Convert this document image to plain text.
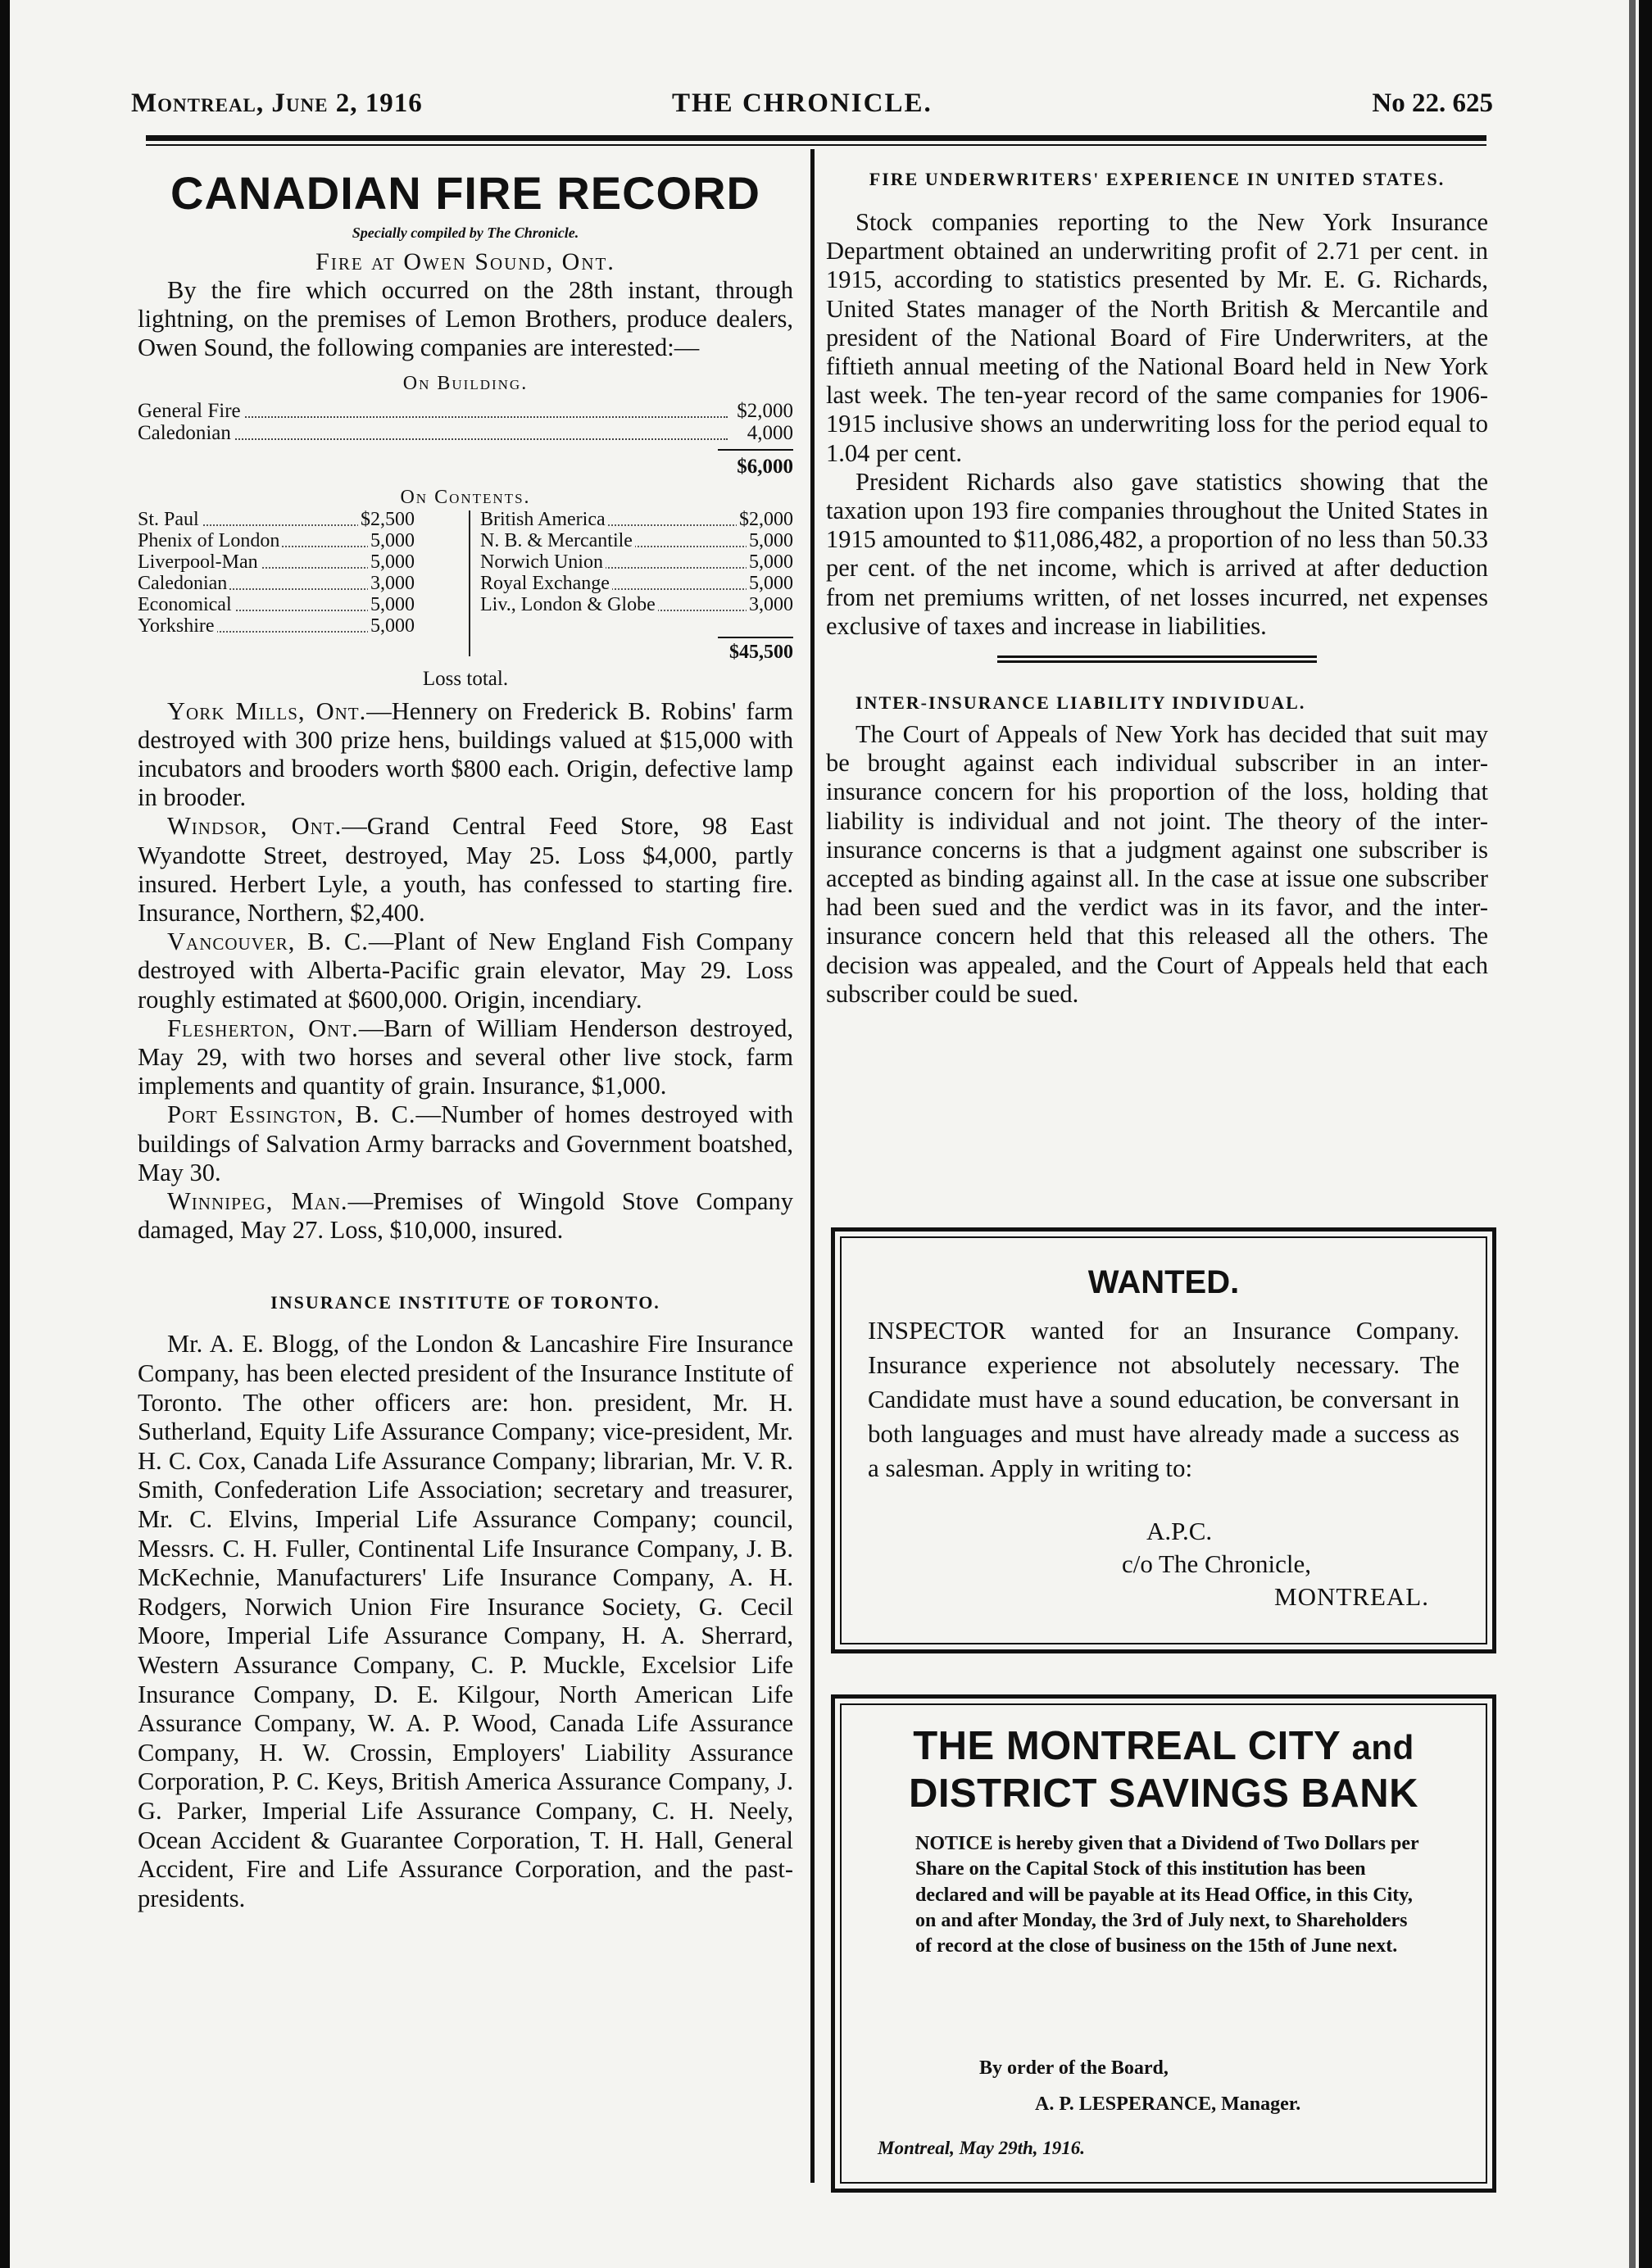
Montreal, June 2, 1916	THE CHRONICLE.	No 22. 625
CANADIAN FIRE RECORD
Specially compiled by The Chronicle.
Fire at Owen Sound, Ont.

By the fire which occurred on the 28th instant, through lightning, on the premises of Lemon Brothers, produce dealers, Owen Sound, the following companies are interested:—

On Building.
General Fire	$2,000
Caledonian	4,000
$6,000
On Contents.
St. Paul	$2,500
Phenix of London	5,000
Liverpool-Man	5,000
Caledonian	3,000
Economical	5,000
Yorkshire	5,000
British America	$2,000
N. B. & Mercantile	5,000
Norwich Union	5,000
Royal Exchange	5,000
Liv., London & Globe	3,000
$45,500
Loss total.

York Mills, Ont.—Hennery on Frederick B. Robins' farm destroyed with 300 prize hens, buildings valued at $15,000 with incubators and brooders worth $800 each. Origin, defective lamp in brooder.

Windsor, Ont.—Grand Central Feed Store, 98 East Wyandotte Street, destroyed, May 25. Loss $4,000, partly insured. Herbert Lyle, a youth, has confessed to starting fire. Insurance, Northern, $2,400.

Vancouver, B. C.—Plant of New England Fish Company destroyed with Alberta-Pacific grain elevator, May 29. Loss roughly estimated at $600,000. Origin, incendiary.

Flesherton, Ont.—Barn of William Henderson destroyed, May 29, with two horses and several other live stock, farm implements and quantity of grain. Insurance, $1,000.

Port Essington, B. C.—Number of homes destroyed with buildings of Salvation Army barracks and Government boatshed, May 30.

Winnipeg, Man.—Premises of Wingold Stove Company damaged, May 27. Loss, $10,000, insured.

INSURANCE INSTITUTE OF TORONTO.

Mr. A. E. Blogg, of the London & Lancashire Fire Insurance Company, has been elected president of the Insurance Institute of Toronto. The other officers are: hon. president, Mr. H. Sutherland, Equity Life Assurance Company; vice-president, Mr. H. C. Cox, Canada Life Assurance Company; librarian, Mr. V. R. Smith, Confederation Life Association; secretary and treasurer, Mr. C. Elvins, Imperial Life Assurance Company; council, Messrs. C. H. Fuller, Continental Life Insurance Company, J. B. McKechnie, Manufacturers' Life Insurance Company, A. H. Rodgers, Norwich Union Fire Insurance Society, G. Cecil Moore, Imperial Life Assurance Company, H. A. Sherrard, Western Assurance Company, C. P. Muckle, Excelsior Life Insurance Company, D. E. Kilgour, North American Life Assurance Company, W. A. P. Wood, Canada Life Assurance Company, H. W. Crossin, Employers' Liability Assurance Corporation, P. C. Keys, British America Assurance Company, J. G. Parker, Imperial Life Assurance Company, C. H. Neely, Ocean Accident & Guarantee Corporation, T. H. Hall, General Accident, Fire and Life Assurance Corporation, and the past-presidents.

FIRE UNDERWRITERS' EXPERIENCE IN UNITED STATES.

Stock companies reporting to the New York Insurance Department obtained an underwriting profit of 2.71 per cent. in 1915, according to statistics presented by Mr. E. G. Richards, United States manager of the North British & Mercantile and president of the National Board of Fire Underwriters, at the fiftieth annual meeting of the National Board held in New York last week. The ten-year record of the same companies for 1906-1915 inclusive shows an underwriting loss for the period equal to 1.04 per cent.

President Richards also gave statistics showing that the taxation upon 193 fire companies throughout the United States in 1915 amounted to $11,086,482, a proportion of no less than 50.33 per cent. of the net income, which is arrived at after deduction from net premiums written, of net losses incurred, net expenses exclusive of taxes and increase in liabilities.

INTER-INSURANCE LIABILITY INDIVIDUAL.

The Court of Appeals of New York has decided that suit may be brought against each individual subscriber in an inter-insurance concern for his proportion of the loss, holding that liability is individual and not joint. The theory of the inter-insurance concerns is that a judgment against one subscriber is accepted as binding against all. In the case at issue one subscriber had been sued and the verdict was in its favor, and the inter-insurance concern held that this released all the others. The decision was appealed, and the Court of Appeals held that each subscriber could be sued.

WANTED.
INSPECTOR wanted for an Insurance Company. Insurance experience not absolutely necessary. The Candidate must have a sound education, be conversant in both languages and must have already made a success as a salesman. Apply in writing to:
A.P.C.
c/o The Chronicle,
MONTREAL.
THE MONTREAL CITY and
DISTRICT SAVINGS BANK
NOTICE is hereby given that a Dividend of Two Dollars per Share on the Capital Stock of this institution has been declared and will be payable at its Head Office, in this City, on and after Monday, the 3rd of July next, to Shareholders of record at the close of business on the 15th of June next.
By order of the Board,
A. P. LESPERANCE, Manager.
Montreal, May 29th, 1916.
